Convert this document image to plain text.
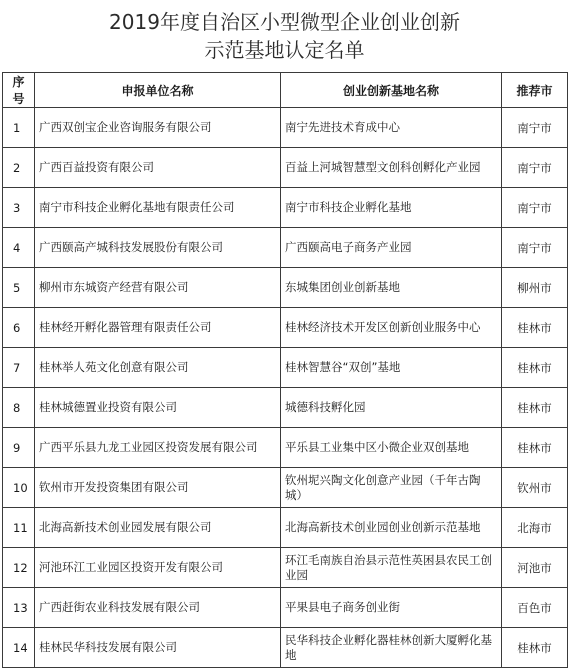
2019年度自治区小型微型企业创业创新
示范基地认定名单
序号	申报单位名称	创业创新基地名称	推荐市
1	广西双创宝企业咨询服务有限公司	南宁先进技术育成中心	南宁市
2	广西百益投资有限公司	百益上河城智慧型文创科创孵化产业园	南宁市
3	南宁市科技企业孵化基地有限责任公司	南宁市科技企业孵化基地	南宁市
4	广西颐高产城科技发展股份有限公司	广西颐高电子商务产业园	南宁市
5	柳州市东城资产经营有限公司	东城集团创业创新基地	柳州市
6	桂林经开孵化器管理有限责任公司	桂林经济技术开发区创新创业服务中心	桂林市
7	桂林举人苑文化创意有限公司	桂林智慧谷“双创”基地	桂林市
8	桂林城德置业投资有限公司	城德科技孵化园	桂林市
9	广西平乐县九龙工业园区投资发展有限公司	平乐县工业集中区小微企业双创基地	桂林市
10	钦州市开发投资集团有限公司	钦州坭兴陶文化创意产业园（千年古陶城）	钦州市
11	北海高新技术创业园发展有限公司	北海高新技术创业园创业创新示范基地	北海市
12	河池环江工业园区投资开发有限公司	环江毛南族自治县示范性英困县农民工创业园	河池市
13	广西赶街农业科技发展有限公司	平果县电子商务创业街	百色市
14	桂林民华科技发展有限公司	民华科技企业孵化器桂林创新大厦孵化基地	桂林市
